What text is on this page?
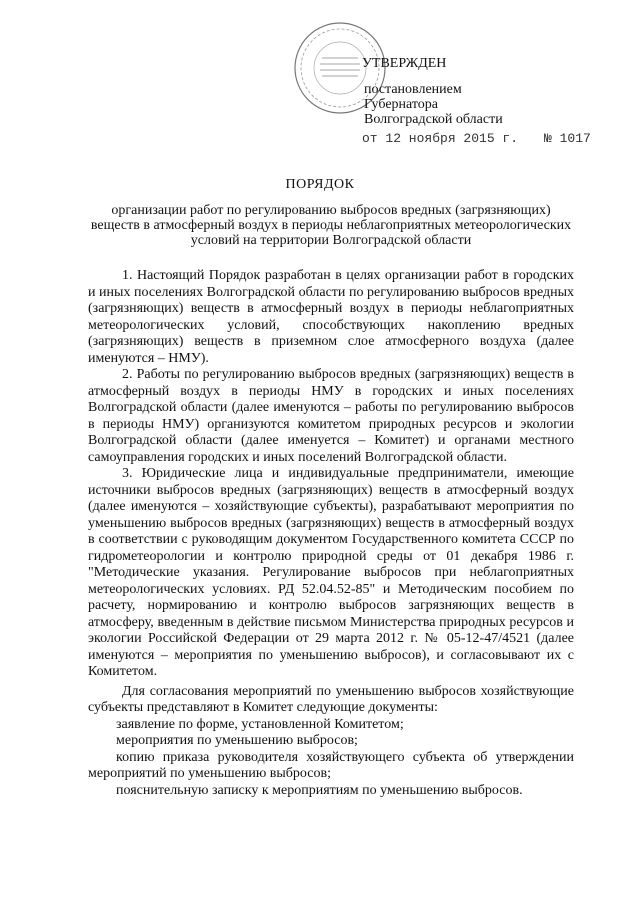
УТВЕРЖДЕН
постановлением
Губернатора
Волгоградской области
от 12 ноября 2015 г. № 1017
ПОРЯДОК
организации работ по регулированию выбросов вредных (загрязняющих) веществ в атмосферный воздух в периоды неблагоприятных метеорологических условий на территории Волгоградской области

1. Настоящий Порядок разработан в целях организации работ в городских и иных поселениях Волгоградской области по регулированию выбросов вредных (загрязняющих) веществ в атмосферный воздух в периоды неблагоприятных метеорологических условий, способствующих накоплению вредных (загрязняющих) веществ в приземном слое атмосферного воздуха (далее именуются – НМУ).

2. Работы по регулированию выбросов вредных (загрязняющих) веществ в атмосферный воздух в периоды НМУ в городских и иных поселениях Волгоградской области (далее именуются – работы по регулированию выбросов в периоды НМУ) организуются комитетом природных ресурсов и экологии Волгоградской области (далее именуется – Комитет) и органами местного самоуправления городских и иных поселений Волгоградской области.

3. Юридические лица и индивидуальные предприниматели, имеющие источники выбросов вредных (загрязняющих) веществ в атмосферный воздух (далее именуются – хозяйствующие субъекты), разрабатывают мероприятия по уменьшению выбросов вредных (загрязняющих) веществ в атмосферный воздух в соответствии с руководящим документом Государственного комитета СССР по гидрометеорологии и контролю природной среды от 01 декабря 1986 г. "Методические указания. Регулирование выбросов при неблагоприятных метеорологических условиях. РД 52.04.52-85" и Методическим пособием по расчету, нормированию и контролю выбросов загрязняющих веществ в атмосферу, введенным в действие письмом Министерства природных ресурсов и экологии Российской Федерации от 29 марта 2012 г. № 05-12-47/4521 (далее именуются – мероприятия по уменьшению выбросов), и согласовывают их с Комитетом.

Для согласования мероприятий по уменьшению выбросов хозяйствующие субъекты представляют в Комитет следующие документы:

заявление по форме, установленной Комитетом;

мероприятия по уменьшению выбросов;

копию приказа руководителя хозяйствующего субъекта об утверждении мероприятий по уменьшению выбросов;

пояснительную записку к мероприятиям по уменьшению выбросов.
